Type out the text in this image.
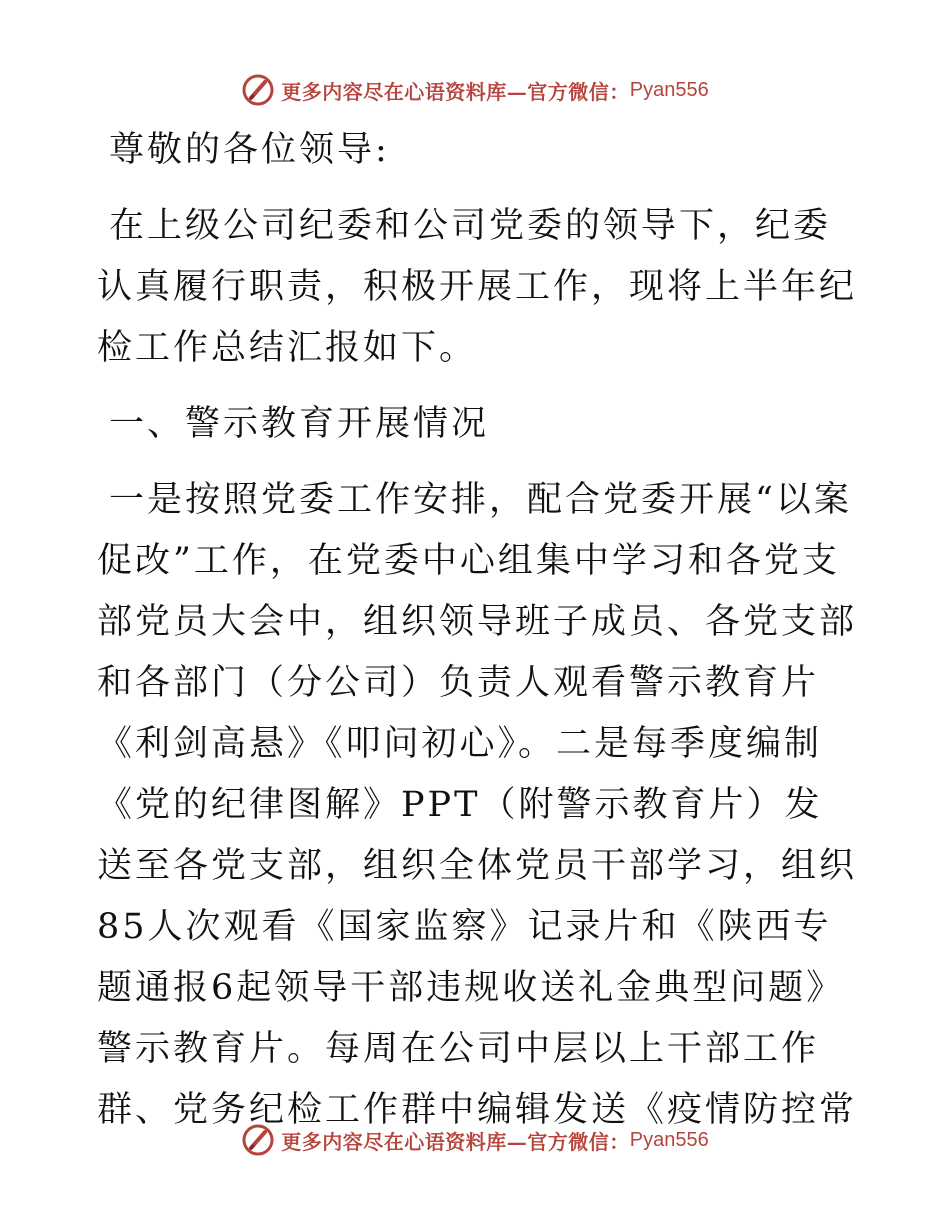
更多内容尽在心语资料库—官方微信： Pyan556

尊敬的各位领导:

在上级公司纪委和公司党委的领导下，纪委认真履行职责，积极开展工作，现将上半年纪检工作总结汇报如下。

一、警示教育开展情况

一是按照党委工作安排，配合党委开展“以案促改”工作，在党委中心组集中学习和各党支部党员大会中，组织领导班子成员、各党支部和各部门（分公司）负责人观看警示教育片《利剑高悬》《叩问初心》。二是每季度编制《党的纪律图解》PPT（附警示教育片）发送至各党支部，组织全体党员干部学习，组织85人次观看《国家监察》记录片和《陕西专题通报6起领导干部违规收送礼金典型问题》警示教育片。每周在公司中层以上干部工作群、党务纪检工作群中编辑发送《疫情防控常

更多内容尽在心语资料库—官方微信： Pyan556
